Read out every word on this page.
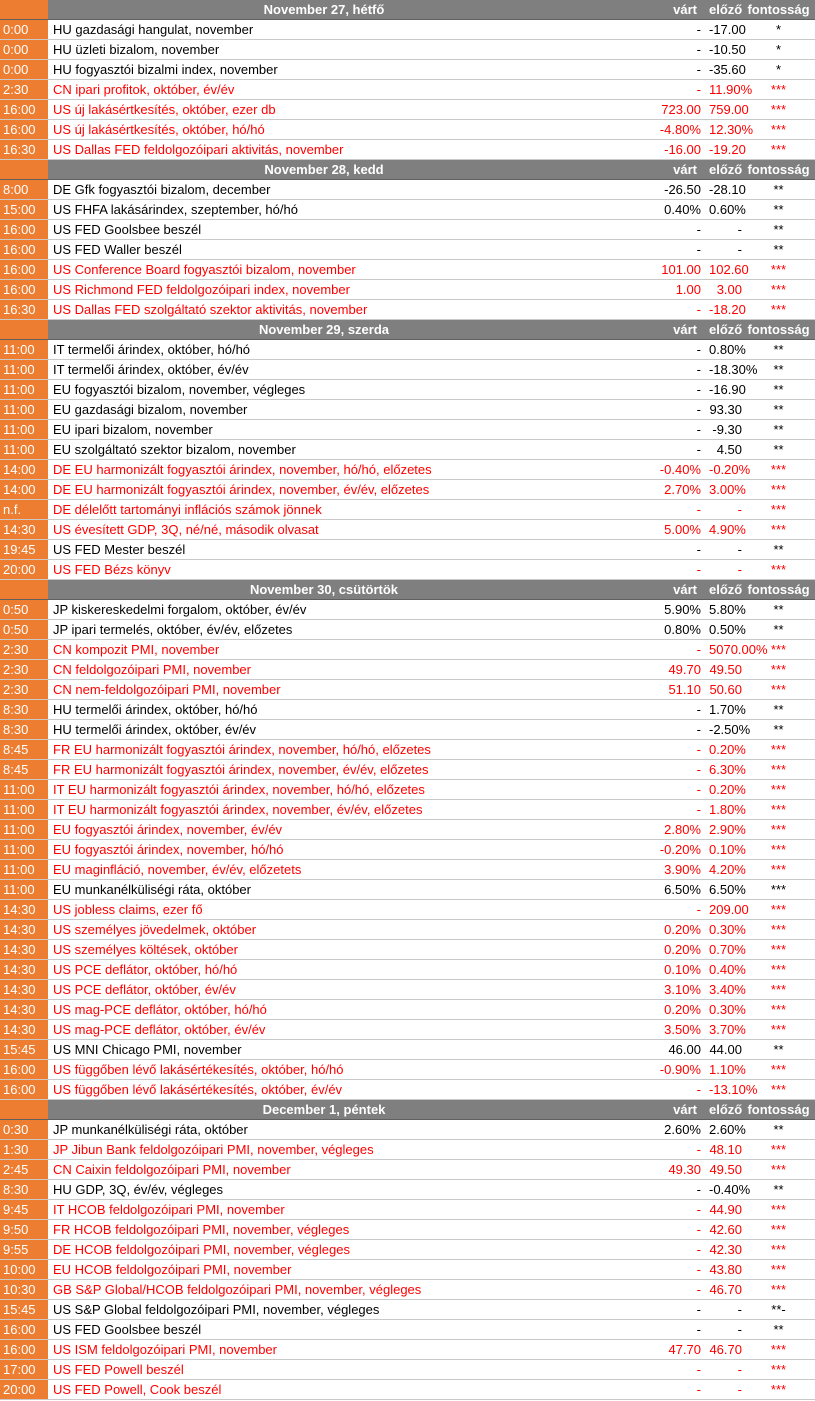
	November 27, hétfő	várt	előző	fontosság
0:00	HU gazdasági hangulat, november	-	-17.00	*
0:00	HU üzleti bizalom, november	-	-10.50	*
0:00	HU fogyasztói bizalmi index, november	-	-35.60	*
2:30	CN ipari profitok, október, év/év	-	11.90%	***
16:00	US új lakásértkesítés, október, ezer db	723.00	759.00	***
16:00	US új lakásértkesítés, október, hó/hó	-4.80%	12.30%	***
16:30	US Dallas FED feldolgozóipari aktivitás, november	-16.00	-19.20	***
	November 28, kedd	várt	előző	fontosság
8:00	DE Gfk fogyasztói bizalom, december	-26.50	-28.10	**
15:00	US FHFA lakásárindex, szeptember, hó/hó	0.40%	0.60%	**
16:00	US FED Goolsbee beszél	-	-	**
16:00	US FED Waller beszél	-	-	**
16:00	US Conference Board fogyasztói bizalom, november	101.00	102.60	***
16:00	US Richmond FED feldolgozóipari index, november	1.00	3.00	***
16:30	US Dallas FED szolgáltató szektor aktivitás, november	-	-18.20	***
	November 29, szerda	várt	előző	fontosság
11:00	IT termelői árindex, október, hó/hó	-	0.80%	**
11:00	IT termelői árindex, október, év/év	-	-18.30%	**
11:00	EU fogyasztói bizalom, november, végleges	-	-16.90	**
11:00	EU gazdasági bizalom, november	-	93.30	**
11:00	EU ipari bizalom, november	-	-9.30	**
11:00	EU szolgáltató szektor bizalom, november	-	4.50	**
14:00	DE EU harmonizált fogyasztói árindex, november, hó/hó, előzetes	-0.40%	-0.20%	***
14:00	DE EU harmonizált fogyasztói árindex, november, év/év, előzetes	2.70%	3.00%	***
n.f.	DE délelőtt tartományi inflációs számok jönnek	-	-	***
14:30	US évesített GDP, 3Q, né/né, második olvasat	5.00%	4.90%	***
19:45	US FED Mester beszél	-	-	**
20:00	US FED Bézs könyv	-	-	***
	November 30, csütörtök	várt	előző	fontosság
0:50	JP kiskereskedelmi forgalom, október, év/év	5.90%	5.80%	**
0:50	JP ipari termelés, október, év/év, előzetes	0.80%	0.50%	**
2:30	CN kompozit PMI, november	-	5070.00%	***
2:30	CN feldolgozóipari PMI, november	49.70	49.50	***
2:30	CN nem-feldolgozóipari PMI, november	51.10	50.60	***
8:30	HU termelői árindex, október, hó/hó	-	1.70%	**
8:30	HU termelői árindex, október, év/év	-	-2.50%	**
8:45	FR EU harmonizált fogyasztói árindex, november, hó/hó, előzetes	-	0.20%	***
8:45	FR EU harmonizált fogyasztói árindex, november, év/év, előzetes	-	6.30%	***
11:00	IT EU harmonizált fogyasztói árindex, november, hó/hó, előzetes	-	0.20%	***
11:00	IT EU harmonizált fogyasztói árindex, november, év/év, előzetes	-	1.80%	***
11:00	EU fogyasztói árindex, november, év/év	2.80%	2.90%	***
11:00	EU fogyasztói árindex, november, hó/hó	-0.20%	0.10%	***
11:00	EU maginfláció, november, év/év, előzetets	3.90%	4.20%	***
11:00	EU munkanélküliségi ráta, október	6.50%	6.50%	***
14:30	US jobless claims, ezer fő	-	209.00	***
14:30	US személyes jövedelmek, október	0.20%	0.30%	***
14:30	US személyes költések, október	0.20%	0.70%	***
14:30	US PCE deflátor, október, hó/hó	0.10%	0.40%	***
14:30	US PCE deflátor, október, év/év	3.10%	3.40%	***
14:30	US mag-PCE deflátor, október, hó/hó	0.20%	0.30%	***
14:30	US mag-PCE deflátor, október, év/év	3.50%	3.70%	***
15:45	US MNI Chicago PMI, november	46.00	44.00	**
16:00	US függőben lévő lakásértékesítés, október, hó/hó	-0.90%	1.10%	***
16:00	US függőben lévő lakásértékesítés, október, év/év	-	-13.10%	***
	December 1, péntek	várt	előző	fontosság
0:30	JP munkanélküliségi ráta, október	2.60%	2.60%	**
1:30	JP Jibun Bank feldolgozóipari PMI, november, végleges	-	48.10	***
2:45	CN Caixin feldolgozóipari PMI, november	49.30	49.50	***
8:30	HU GDP, 3Q, év/év, végleges	-	-0.40%	**
9:45	IT HCOB feldolgozóipari PMI, november	-	44.90	***
9:50	FR HCOB feldolgozóipari PMI, november, végleges	-	42.60	***
9:55	DE HCOB feldolgozóipari PMI, november, végleges	-	42.30	***
10:00	EU HCOB feldolgozóipari PMI, november	-	43.80	***
10:30	GB S&P Global/HCOB feldolgozóipari PMI, november, végleges	-	46.70	***
15:45	US S&P Global feldolgozóipari PMI, november, végleges	-	-	**-
16:00	US FED Goolsbee beszél	-	-	**
16:00	US ISM feldolgozóipari PMI, november	47.70	46.70	***
17:00	US FED Powell beszél	-	-	***
20:00	US FED Powell, Cook beszél	-	-	***
